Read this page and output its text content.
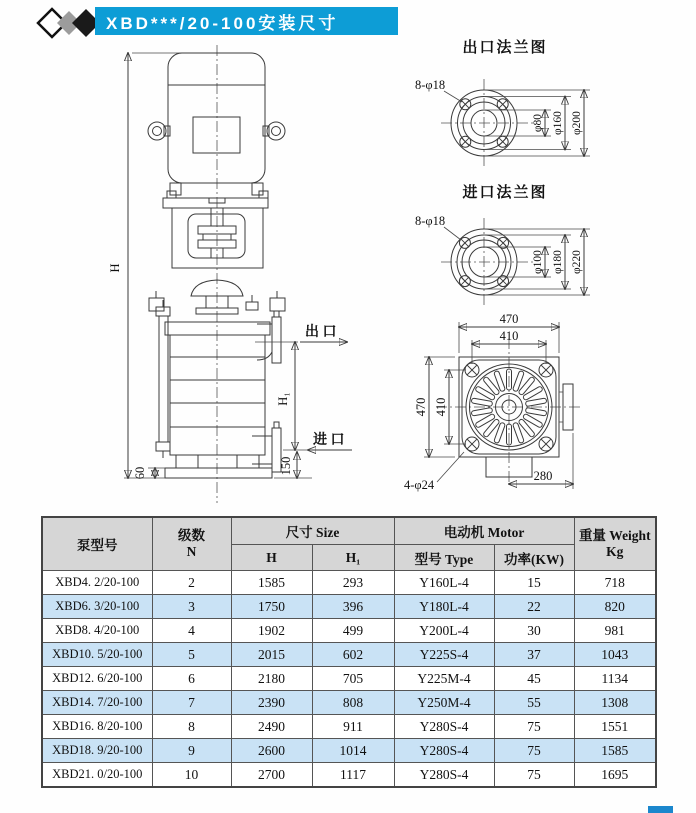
XBD***/20-100安装尺寸
H
出 口
H₁
进 口
150
60
出口法兰图
8-φ18
φ80 φ160 φ200
进口法兰图
8-φ18
φ100 φ180 φ220
470
410
470 410
4-φ24
280
泵型号	
级数
N
	尺寸 Size	电动机 Motor	重量 Weight
Kg

		H	H₁	型号 Type	功率(KW)	
XBD4. 2/20-100	2	1585	293	Y160L-4	15	718
XBD6. 3/20-100	3	1750	396	Y180L-4	22	820
XBD8. 4/20-100	4	1902	499	Y200L-4	30	981
XBD10. 5/20-100	5	2015	602	Y225S-4	37	1043
XBD12. 6/20-100	6	2180	705	Y225M-4	45	1134
XBD14. 7/20-100	7	2390	808	Y250M-4	55	1308
XBD16. 8/20-100	8	2490	911	Y280S-4	75	1551
XBD18. 9/20-100	9	2600	1014	Y280S-4	75	1585
XBD21. 0/20-100	10	2700	1117	Y280S-4	75	1695
